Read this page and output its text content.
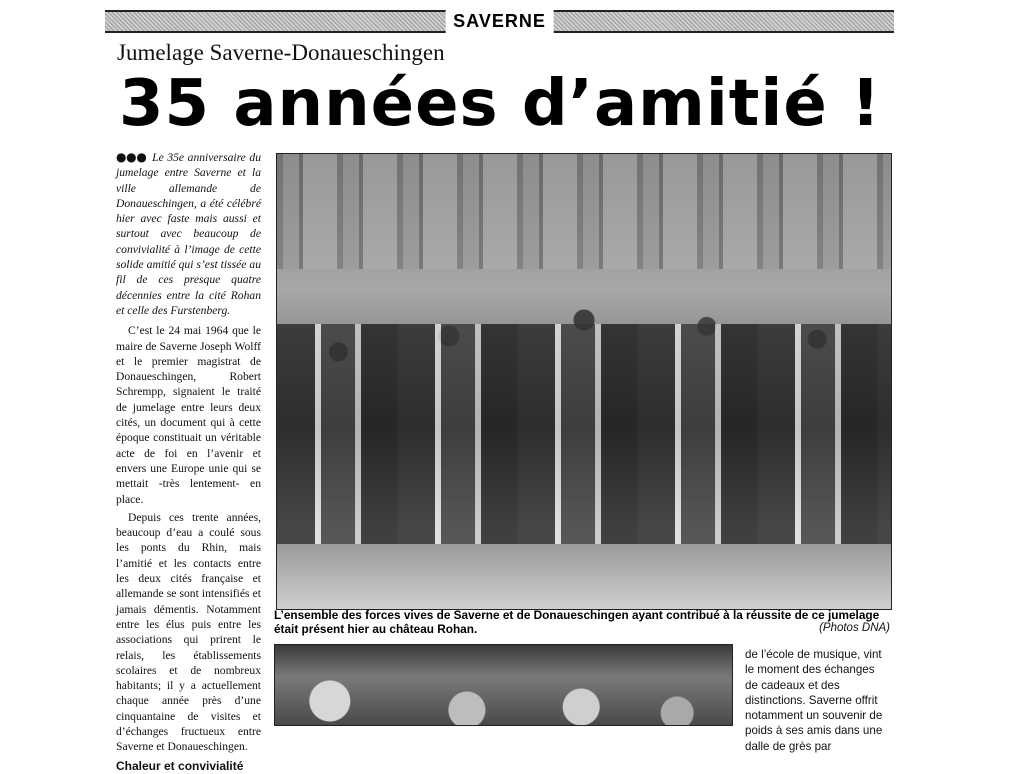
SAVERNE
Jumelage Saverne-Donaueschingen
35 années d’amitié !

●●● Le 35e anniversaire du jumelage entre Saverne et la ville allemande de Donaueschingen, a été célébré hier avec faste mais aussi et surtout avec beaucoup de convivialité à l’image de cette solide amitié qui s’est tissée au fil de ces presque quatre décennies entre la cité Rohan et celle des Furstenberg.

C’est le 24 mai 1964 que le maire de Saverne Joseph Wolff et le premier magistrat de Donaueschingen, Robert Schrempp, signaient le traité de jumelage entre leurs deux cités, un document qui à cette époque constituait un véritable acte de foi en l’avenir et envers une Europe unie qui se mettait -très lentement- en place.

Depuis ces trente années, beaucoup d’eau a coulé sous les ponts du Rhin, mais l’amitié et les contacts entre les deux cités française et allemande se sont intensifiés et jamais démentis. Notamment entre les élus puis entre les associations qui prirent le relais, les établissements scolaires et de nombreux habitants; il y a actuellement chaque année près d’une cinquantaine de visites et d’échanges fructueux entre Saverne et Donaueschingen.

Chaleur et convivialité
L’ensemble des forces vives de Saverne et de Donaueschingen ayant contribué à la réussite de ce jumelage était présent hier au château Rohan.	(Photos DNA)
de l’école de musique, vint le moment des échanges de cadeaux et des distinctions. Saverne offrit notamment un souvenir de poids à ses amis dans une dalle de grès par
